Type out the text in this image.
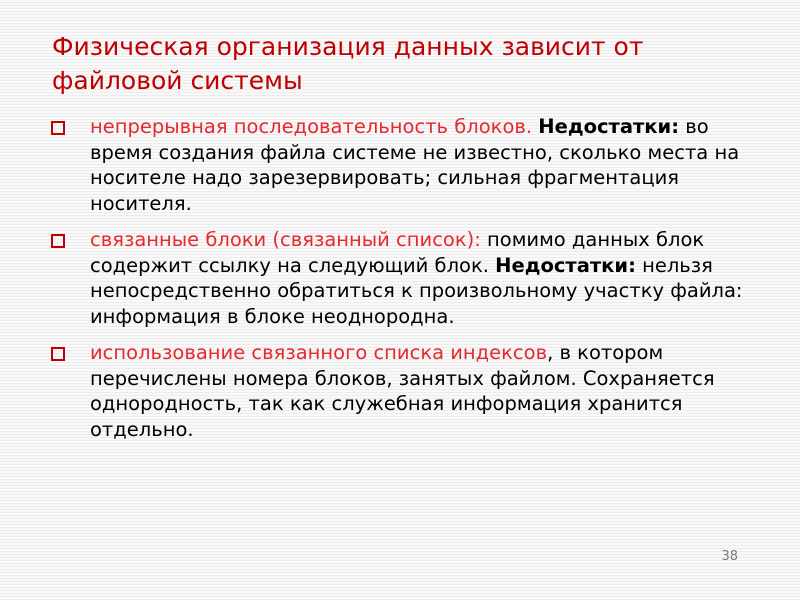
Физическая организация данных зависит от файловой системы
непрерывная последовательность блоков. Недостатки: во время создания файла системе не известно, сколько места на носителе надо зарезервировать; сильная фрагментация носителя.
связанные блоки (связанный список): помимо данных блок содержит ссылку на следующий блок. Недостатки: нельзя непосредственно обратиться к произвольному участку файла: информация в блоке неоднородна.
использование связанного списка индексов, в котором перечислены номера блоков, занятых файлом. Сохраняется однородность, так как служебная информация хранится отдельно.
38
